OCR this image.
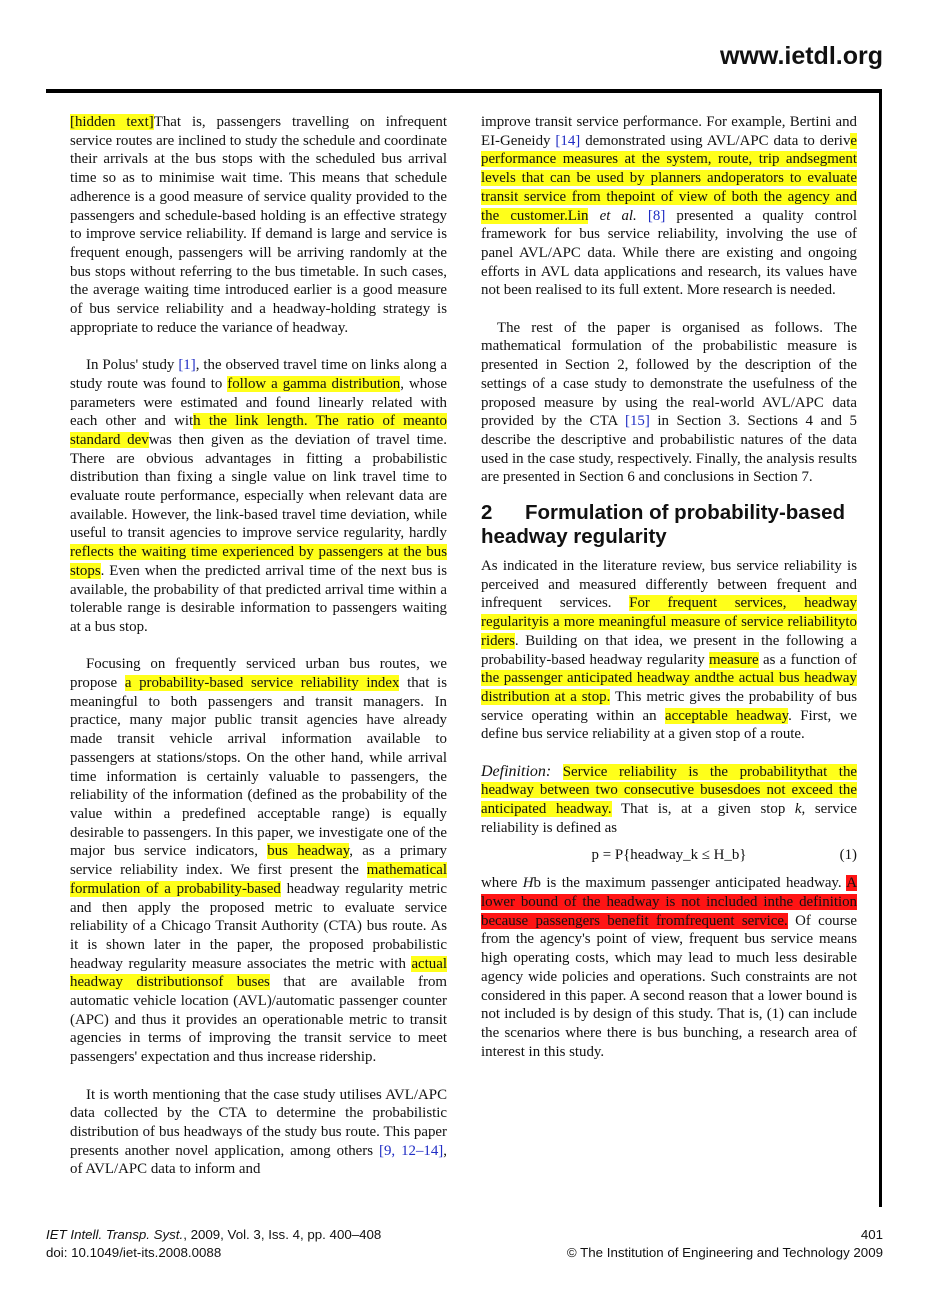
www.ietdl.org

[hidden text]That is, passengers travelling on infrequent service routes are inclined to study the schedule and coordinate their arrivals at the bus stops with the scheduled bus arrival time so as to minimise wait time. This means that schedule adherence is a good measure of service quality provided to the passengers and schedule-based holding is an effective strategy to improve service reliability. If demand is large and service is frequent enough, passengers will be arriving randomly at the bus stops without referring to the bus timetable. In such cases, the average waiting time introduced earlier is a good measure of bus service reliability and a headway-holding strategy is appropriate to reduce the variance of headway.

In Polus' study [1], the observed travel time on links along a study route was found to follow a gamma distribution, whose parameters were estimated and found linearly related with each other and with the link length. The ratio of meanto standard devwas then given as the deviation of travel time. There are obvious advantages in fitting a probabilistic distribution than fixing a single value on link travel time to evaluate route performance, especially when relevant data are available. However, the link-based travel time deviation, while useful to transit agencies to improve service regularity, hardly reflects the waiting time experienced by passengers at the bus stops. Even when the predicted arrival time of the next bus is available, the probability of that predicted arrival time within a tolerable range is desirable information to passengers waiting at a bus stop.

Focusing on frequently serviced urban bus routes, we propose a probability-based service reliability index that is meaningful to both passengers and transit managers. In practice, many major public transit agencies have already made transit vehicle arrival information available to passengers at stations/stops. On the other hand, while arrival time information is certainly valuable to passengers, the reliability of the information (defined as the probability of the value within a predefined acceptable range) is equally desirable to passengers. In this paper, we investigate one of the major bus service indicators, bus headway, as a primary service reliability index. We first present the mathematical formulation of a probability-based headway regularity metric and then apply the proposed metric to evaluate service reliability of a Chicago Transit Authority (CTA) bus route. As it is shown later in the paper, the proposed probabilistic headway regularity measure associates the metric with actual headway distributionsof buses that are available from automatic vehicle location (AVL)/automatic passenger counter (APC) and thus it provides an operationable metric to transit agencies in terms of improving the transit service to meet passengers' expectation and thus increase ridership.

It is worth mentioning that the case study utilises AVL/APC data collected by the CTA to determine the probabilistic distribution of bus headways of the study bus route. This paper presents another novel application, among others [9, 12–14], of AVL/APC data to inform and

improve transit service performance. For example, Bertini and EI-Geneidy [14] demonstrated using AVL/APC data to derive performance measures at the system, route, trip andsegment levels that can be used by planners andoperators to evaluate transit service from thepoint of view of both the agency and the customer.Lin et al. [8] presented a quality control framework for bus service reliability, involving the use of panel AVL/APC data. While there are existing and ongoing efforts in AVL data applications and research, its values have not been realised to its full extent. More research is needed.

The rest of the paper is organised as follows. The mathematical formulation of the probabilistic measure is presented in Section 2, followed by the description of the settings of a case study to demonstrate the usefulness of the proposed measure by using the real-world AVL/APC data provided by the CTA [15] in Section 3. Sections 4 and 5 describe the descriptive and probabilistic natures of the data used in the case study, respectively. Finally, the analysis results are presented in Section 6 and conclusions in Section 7.

2 Formulation of probability-based headway regularity

As indicated in the literature review, bus service reliability is perceived and measured differently between frequent and infrequent services. For frequent services, headway regularityis a more meaningful measure of service reliabilityto riders. Building on that idea, we present in the following a probability-based headway regularity measure as a function of the passenger anticipated headway andthe actual bus headway distribution at a stop. This metric gives the probability of bus service operating within an acceptable headway. First, we define bus service reliability at a given stop of a route.

Definition: Service reliability is the probabilitythat the headway between two consecutive busesdoes not exceed the anticipated headway. That is, at a given stop k, service reliability is defined as

p = P{headway_k ≤ H_b}	(1)

where Hb is the maximum passenger anticipated headway. A lower bound of the headway is not included inthe definition because passengers benefit fromfrequent service. Of course from the agency's point of view, frequent bus service means high operating costs, which may lead to much less desirable agency wide policies and operations. Such constraints are not considered in this paper. A second reason that a lower bound is not included is by design of this study. That is, (1) can include the scenarios where there is bus bunching, a research area of interest in this study.

IET Intell. Transp. Syst., 2009, Vol. 3, Iss. 4, pp. 400–408
doi: 10.1049/iet-its.2008.0088
401
© The Institution of Engineering and Technology 2009
